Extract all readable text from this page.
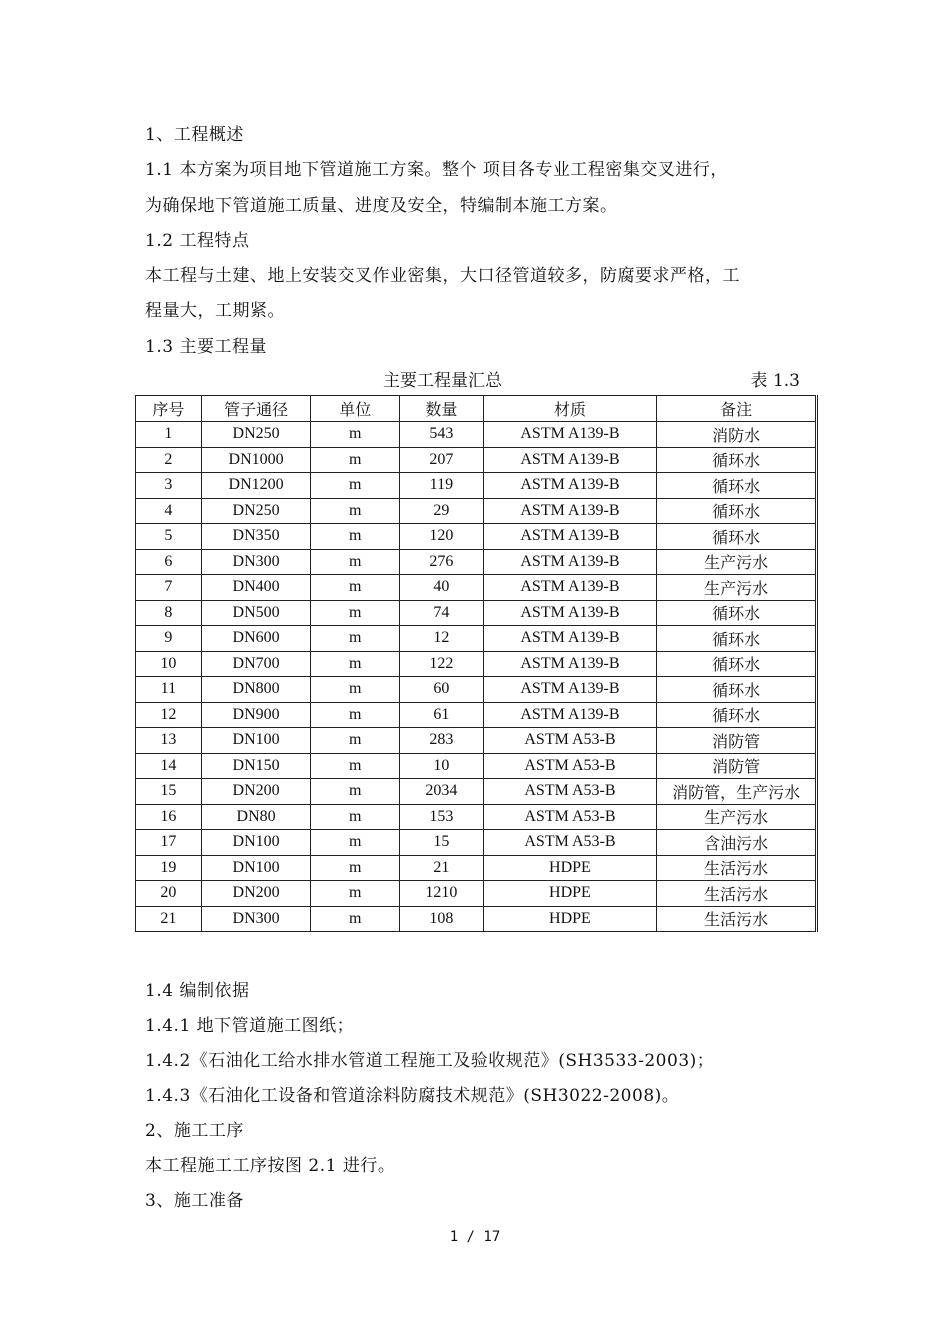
1、工程概述
1.1 本方案为项目地下管道施工方案。整个 项目各专业工程密集交叉进行，
为确保地下管道施工质量、进度及安全，特编制本施工方案。
1.2 工程特点
本工程与土建、地上安装交叉作业密集，大口径管道较多，防腐要求严格，工
程量大，工期紧。
1.3 主要工程量
主要工程量汇总	表 1.3
序号	管子通径	单位	数量	材质	备注
1	DN250	m	543	ASTM A139-B	消防水
2	DN1000	m	207	ASTM A139-B	循环水
3	DN1200	m	119	ASTM A139-B	循环水
4	DN250	m	29	ASTM A139-B	循环水
5	DN350	m	120	ASTM A139-B	循环水
6	DN300	m	276	ASTM A139-B	生产污水
7	DN400	m	40	ASTM A139-B	生产污水
8	DN500	m	74	ASTM A139-B	循环水
9	DN600	m	12	ASTM A139-B	循环水
10	DN700	m	122	ASTM A139-B	循环水
11	DN800	m	60	ASTM A139-B	循环水
12	DN900	m	61	ASTM A139-B	循环水
13	DN100	m	283	ASTM A53-B	消防管
14	DN150	m	10	ASTM A53-B	消防管
15	DN200	m	2034	ASTM A53-B	消防管，生产污水
16	DN80	m	153	ASTM A53-B	生产污水
17	DN100	m	15	ASTM A53-B	含油污水
19	DN100	m	21	HDPE	生活污水
20	DN200	m	1210	HDPE	生活污水
21	DN300	m	108	HDPE	生活污水
1.4 编制依据
1.4.1 地下管道施工图纸；
1.4.2《石油化工给水排水管道工程施工及验收规范》(SH3533-2003)；
1.4.3《石油化工设备和管道涂料防腐技术规范》(SH3022-2008)。
2、施工工序
本工程施工工序按图 2.1 进行。
3、施工准备
1 / 17
